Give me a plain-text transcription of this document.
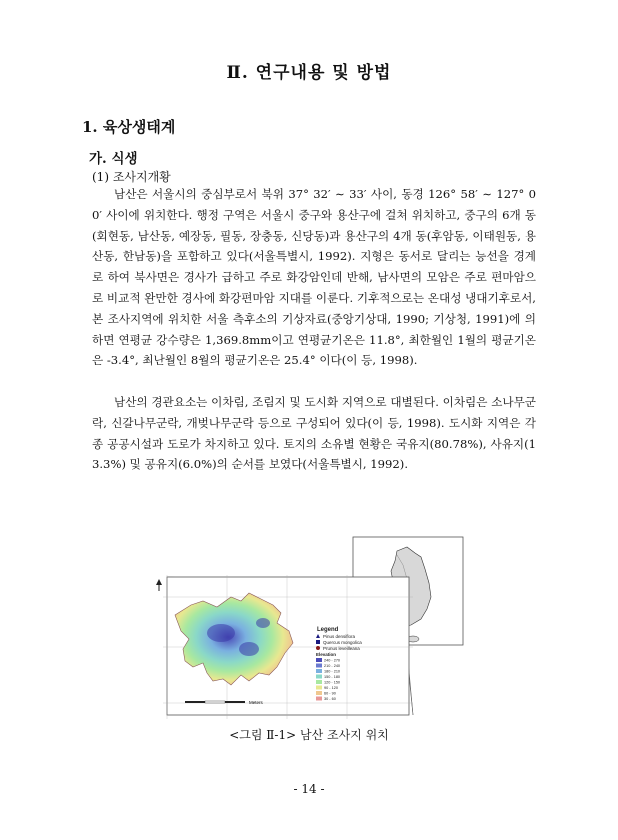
Ⅱ. 연구내용 및 방법
1. 육상생태계
가. 식생
(1) 조사지개황

남산은 서울시의 중심부로서 북위 37° 32′ ∼ 33′ 사이, 동경 126° 58′ ∼ 127° 00′ 사이에 위치한다. 행정 구역은 서울시 중구와 용산구에 걸쳐 위치하고, 중구의 6개 동(회현동, 남산동, 예장동, 필동, 장충동, 신당동)과 용산구의 4개 동(후암동, 이태원동, 용산동, 한남동)을 포함하고 있다(서울특별시, 1992). 지형은 동서로 달리는 능선을 경계로 하여 북사면은 경사가 급하고 주로 화강암인데 반해, 남사면의 모암은 주로 편마암으로 비교적 완만한 경사에 화강편마암 지대를 이룬다. 기후적으로는 온대성 냉대기후로서, 본 조사지역에 위치한 서울 측후소의 기상자료(중앙기상대, 1990; 기상청, 1991)에 의하면 연평균 강수량은 1,369.8mm이고 연평균기온은 11.8°, 최한월인 1월의 평균기온은 -3.4°, 최난월인 8월의 평균기온은 25.4° 이다(이 등, 1998).

남산의 경관요소는 이차림, 조림지 및 도시화 지역으로 대별된다. 이차림은 소나무군락, 신갈나무군락, 개벚나무군락 등으로 구성되어 있다(이 등, 1998). 도시화 지역은 각종 공공시설과 도로가 차지하고 있다. 토지의 소유별 현황은 국유지(80.78%), 사유지(13.3%) 및 공유지(6.0%)의 순서를 보였다(서울특별시, 1992).

Legend
Pinus densiflora
Quercus mongolica
Prunus leveilleana
Elevation
240 - 270
210 - 240
180 - 210
150 - 180
120 - 150
90 - 120
60 - 90
30 - 60
Meters
<그림 Ⅱ-1> 남산 조사지 위치
- 14 -
